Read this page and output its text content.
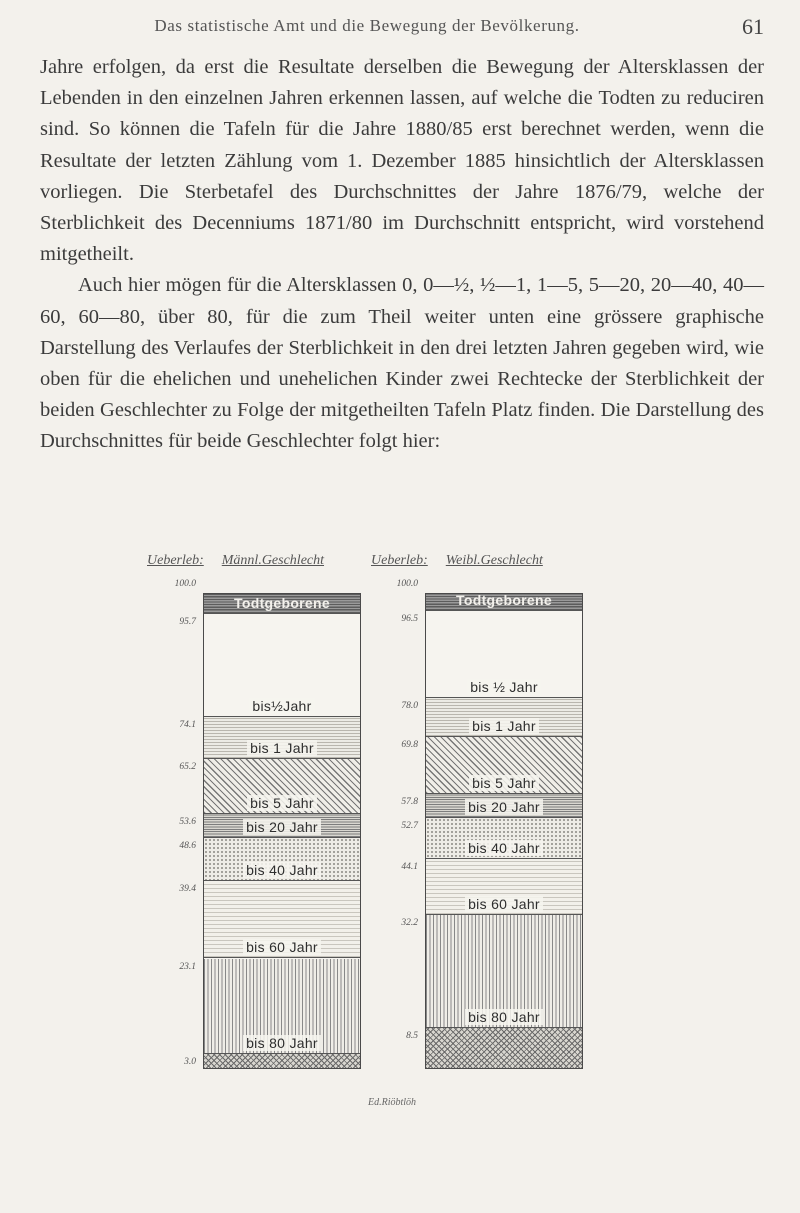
Das statistische Amt und die Bewegung der Bevölkerung.	61

Jahre erfolgen, da erst die Resultate derselben die Bewegung der Altersklassen der Lebenden in den einzelnen Jahren erkennen lassen, auf welche die Todten zu reduciren sind. So können die Tafeln für die Jahre 1880/85 erst berechnet werden, wenn die Resultate der letzten Zählung vom 1. Dezember 1885 hinsichtlich der Altersklassen vorliegen. Die Sterbetafel des Durchschnittes der Jahre 1876/79, welche der Sterblichkeit des Decenniums 1871/80 im Durchschnitt entspricht, wird vorstehend mitgetheilt.

Auch hier mögen für die Altersklassen 0, 0—½, ½—1, 1—5, 5—20, 20—40, 40—60, 60—80, über 80, für die zum Theil weiter unten eine grössere graphische Darstellung des Verlaufes der Sterblichkeit in den drei letzten Jahren gegeben wird, wie oben für die ehelichen und unehelichen Kinder zwei Rechtecke der Sterblichkeit der beiden Geschlechter zu Folge der mitgetheilten Tafeln Platz finden. Die Darstellung des Durchschnittes für beide Geschlechter folgt hier:

Ueberleb: Männl.Geschlecht	Ueberleb: Weibl.Geschlecht
Todtgeborene
bis½Jahr
bis 1 Jahr
bis 5 Jahr
bis 20 Jahr
bis 40 Jahr
bis 60 Jahr
bis 80 Jahr
Todtgeborene
bis ½ Jahr
bis 1 Jahr
bis 5 Jahr
bis 20 Jahr
bis 40 Jahr
bis 60 Jahr
bis 80 Jahr
100.0
95.7
74.1
65.2
53.6
48.6
39.4
23.1
3.0
100.0
96.5
78.0
69.8
57.8
52.7
44.1
32.2
8.5
Ed.Riöbtlöh
